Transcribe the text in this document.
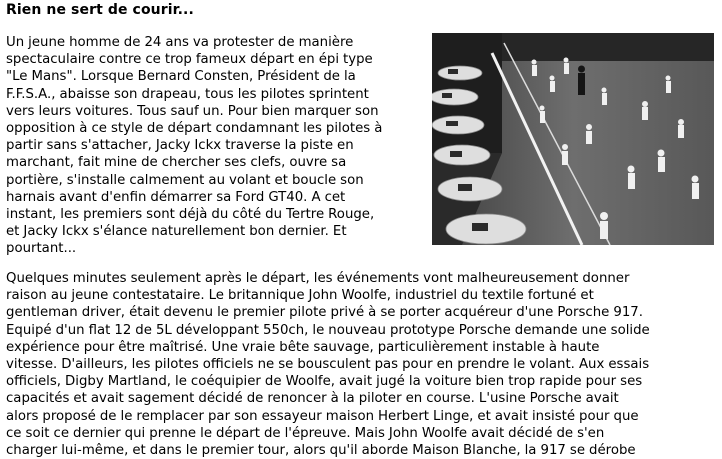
Rien ne sert de courir...

Un jeune homme de 24 ans va protester de manière
spectaculaire contre ce trop fameux départ en épi type
"Le Mans". Lorsque Bernard Consten, Président de la
F.F.S.A., abaisse son drapeau, tous les pilotes sprintent
vers leurs voitures. Tous sauf un. Pour bien marquer son
opposition à ce style de départ condamnant les pilotes à
partir sans s'attacher, Jacky Ickx traverse la piste en
marchant, fait mine de chercher ses clefs, ouvre sa
portière, s'installe calmement au volant et boucle son
harnais avant d'enfin démarrer sa Ford GT40. A cet
instant, les premiers sont déjà du côté du Tertre Rouge,
et Jacky Ickx s'élance naturellement bon dernier. Et
pourtant...

Quelques minutes seulement après le départ, les événements vont malheureusement donner
raison au jeune contestataire. Le britannique John Woolfe, industriel du textile fortuné et
gentleman driver, était devenu le premier pilote privé à se porter acquéreur d'une Porsche 917.
Equipé d'un flat 12 de 5L développant 550ch, le nouveau prototype Porsche demande une solide
expérience pour être maîtrisé. Une vraie bête sauvage, particulièrement instable à haute
vitesse. D'ailleurs, les pilotes officiels ne se bousculent pas pour en prendre le volant. Aux essais
officiels, Digby Martland, le coéquipier de Woolfe, avait jugé la voiture bien trop rapide pour ses
capacités et avait sagement décidé de renoncer à la piloter en course. L'usine Porsche avait
alors proposé de le remplacer par son essayeur maison Herbert Linge, et avait insisté pour que
ce soit ce dernier qui prenne le départ de l'épreuve. Mais John Woolfe avait décidé de s'en
charger lui-même, et dans le premier tour, alors qu'il aborde Maison Blanche, la 917 se dérobe
